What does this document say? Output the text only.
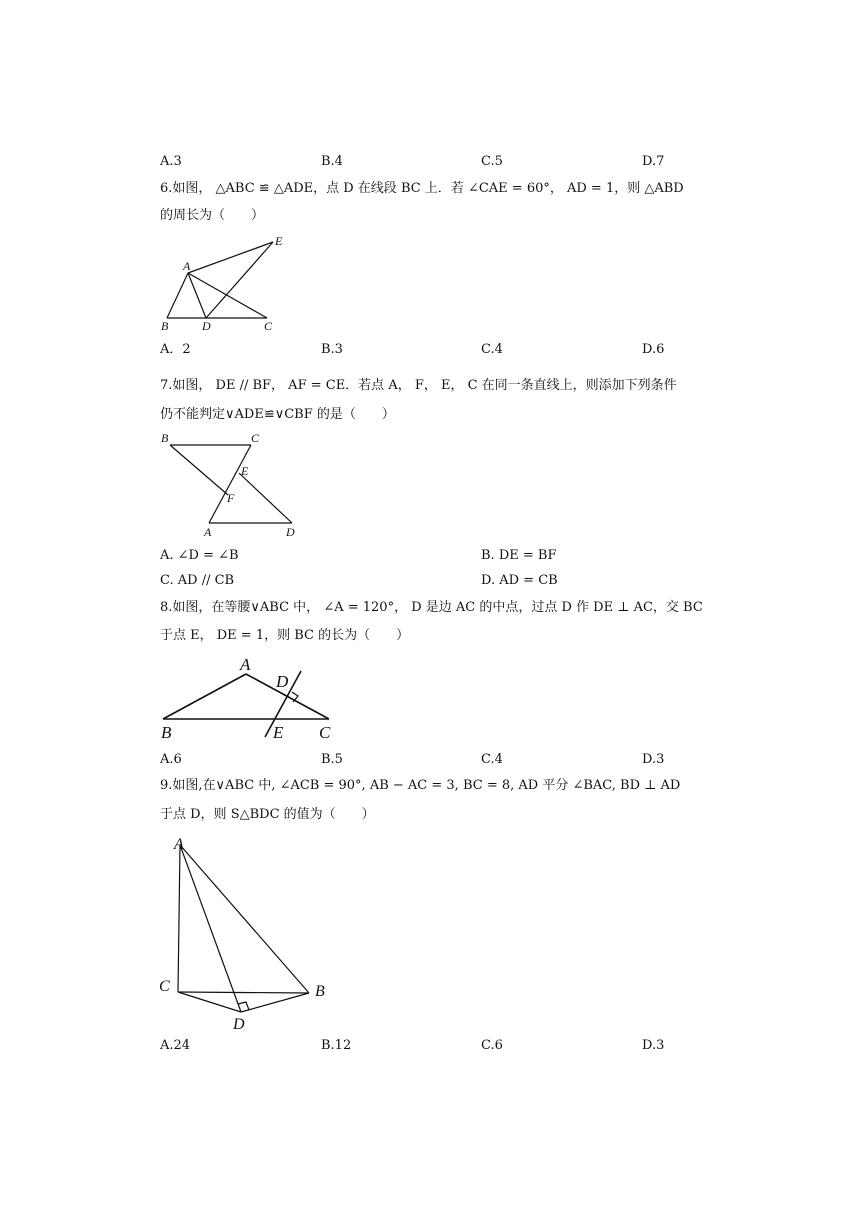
A.3	B.4	C.5	D.7
6.如图， △ABC ≌ △ADE，点 D 在线段 BC 上．若 ∠CAE = 60°， AD = 1，则 △ABD
的周长为（　　）
A
B	D	C
E
A．2	B.3	C.4	D.6
7.如图， DE // BF， AF = CE．若点 A， F， E， C 在同一条直线上，则添加下列条件
仍不能判定∨ADE≌∨CBF 的是（　　）
B	C
E
F
A	D
A. ∠D = ∠B	B. DE = BF
C. AD // CB	D. AD = CB
8.如图，在等腰∨ABC 中， ∠A = 120°， D 是边 AC 的中点，过点 D 作 DE ⊥ AC，交 BC
于点 E， DE = 1，则 BC 的长为（　　）
A
D
B	E C
A.6	B.5	C.4	D.3
9.如图,在∨ABC 中, ∠ACB = 90°, AB − AC = 3, BC = 8, AD 平分 ∠BAC, BD ⊥ AD
于点 D，则 S△BDC 的值为（　　）
A
C	B
D
A.24	B.12	C.6	D.3
